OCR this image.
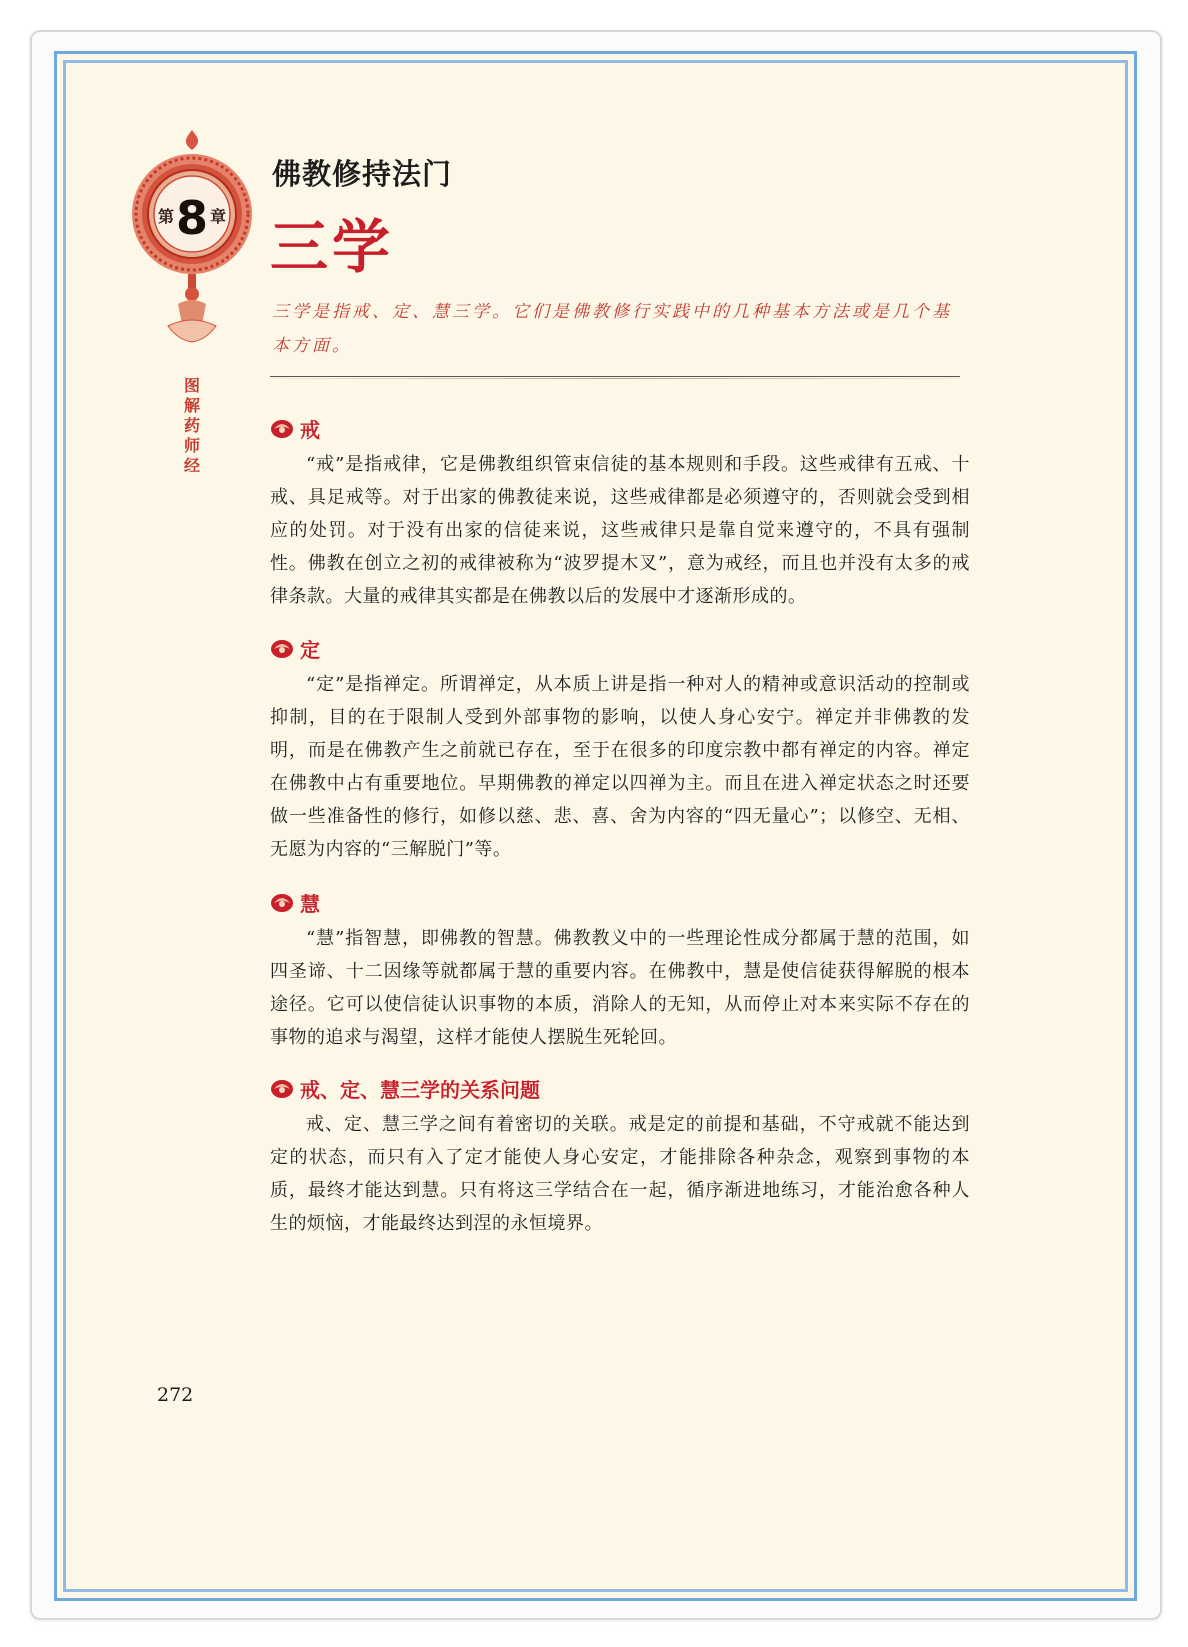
第 8 章
图
解
药
师
经
佛教修持法门
三学
三学是指戒、定、慧三学。它们是佛教修行实践中的几种基本方法或是几个基本方面。
戒

“戒”是指戒律，它是佛教组织管束信徒的基本规则和手段。这些戒律有五戒、十戒、具足戒等。对于出家的佛教徒来说，这些戒律都是必须遵守的，否则就会受到相应的处罚。对于没有出家的信徒来说，这些戒律只是靠自觉来遵守的，不具有强制性。佛教在创立之初的戒律被称为“波罗提木叉”，意为戒经，而且也并没有太多的戒律条款。大量的戒律其实都是在佛教以后的发展中才逐渐形成的。

定

“定”是指禅定。所谓禅定，从本质上讲是指一种对人的精神或意识活动的控制或抑制，目的在于限制人受到外部事物的影响，以使人身心安宁。禅定并非佛教的发明，而是在佛教产生之前就已存在，至于在很多的印度宗教中都有禅定的内容。禅定在佛教中占有重要地位。早期佛教的禅定以四禅为主。而且在进入禅定状态之时还要做一些准备性的修行，如修以慈、悲、喜、舍为内容的“四无量心”；以修空、无相、无愿为内容的“三解脱门”等。

慧

“慧”指智慧，即佛教的智慧。佛教教义中的一些理论性成分都属于慧的范围，如四圣谛、十二因缘等就都属于慧的重要内容。在佛教中，慧是使信徒获得解脱的根本途径。它可以使信徒认识事物的本质，消除人的无知，从而停止对本来实际不存在的事物的追求与渴望，这样才能使人摆脱生死轮回。

戒、定、慧三学的关系问题

戒、定、慧三学之间有着密切的关联。戒是定的前提和基础，不守戒就不能达到定的状态，而只有入了定才能使人身心安定，才能排除各种杂念，观察到事物的本质，最终才能达到慧。只有将这三学结合在一起，循序渐进地练习，才能治愈各种人生的烦恼，才能最终达到涅的永恒境界。

272
